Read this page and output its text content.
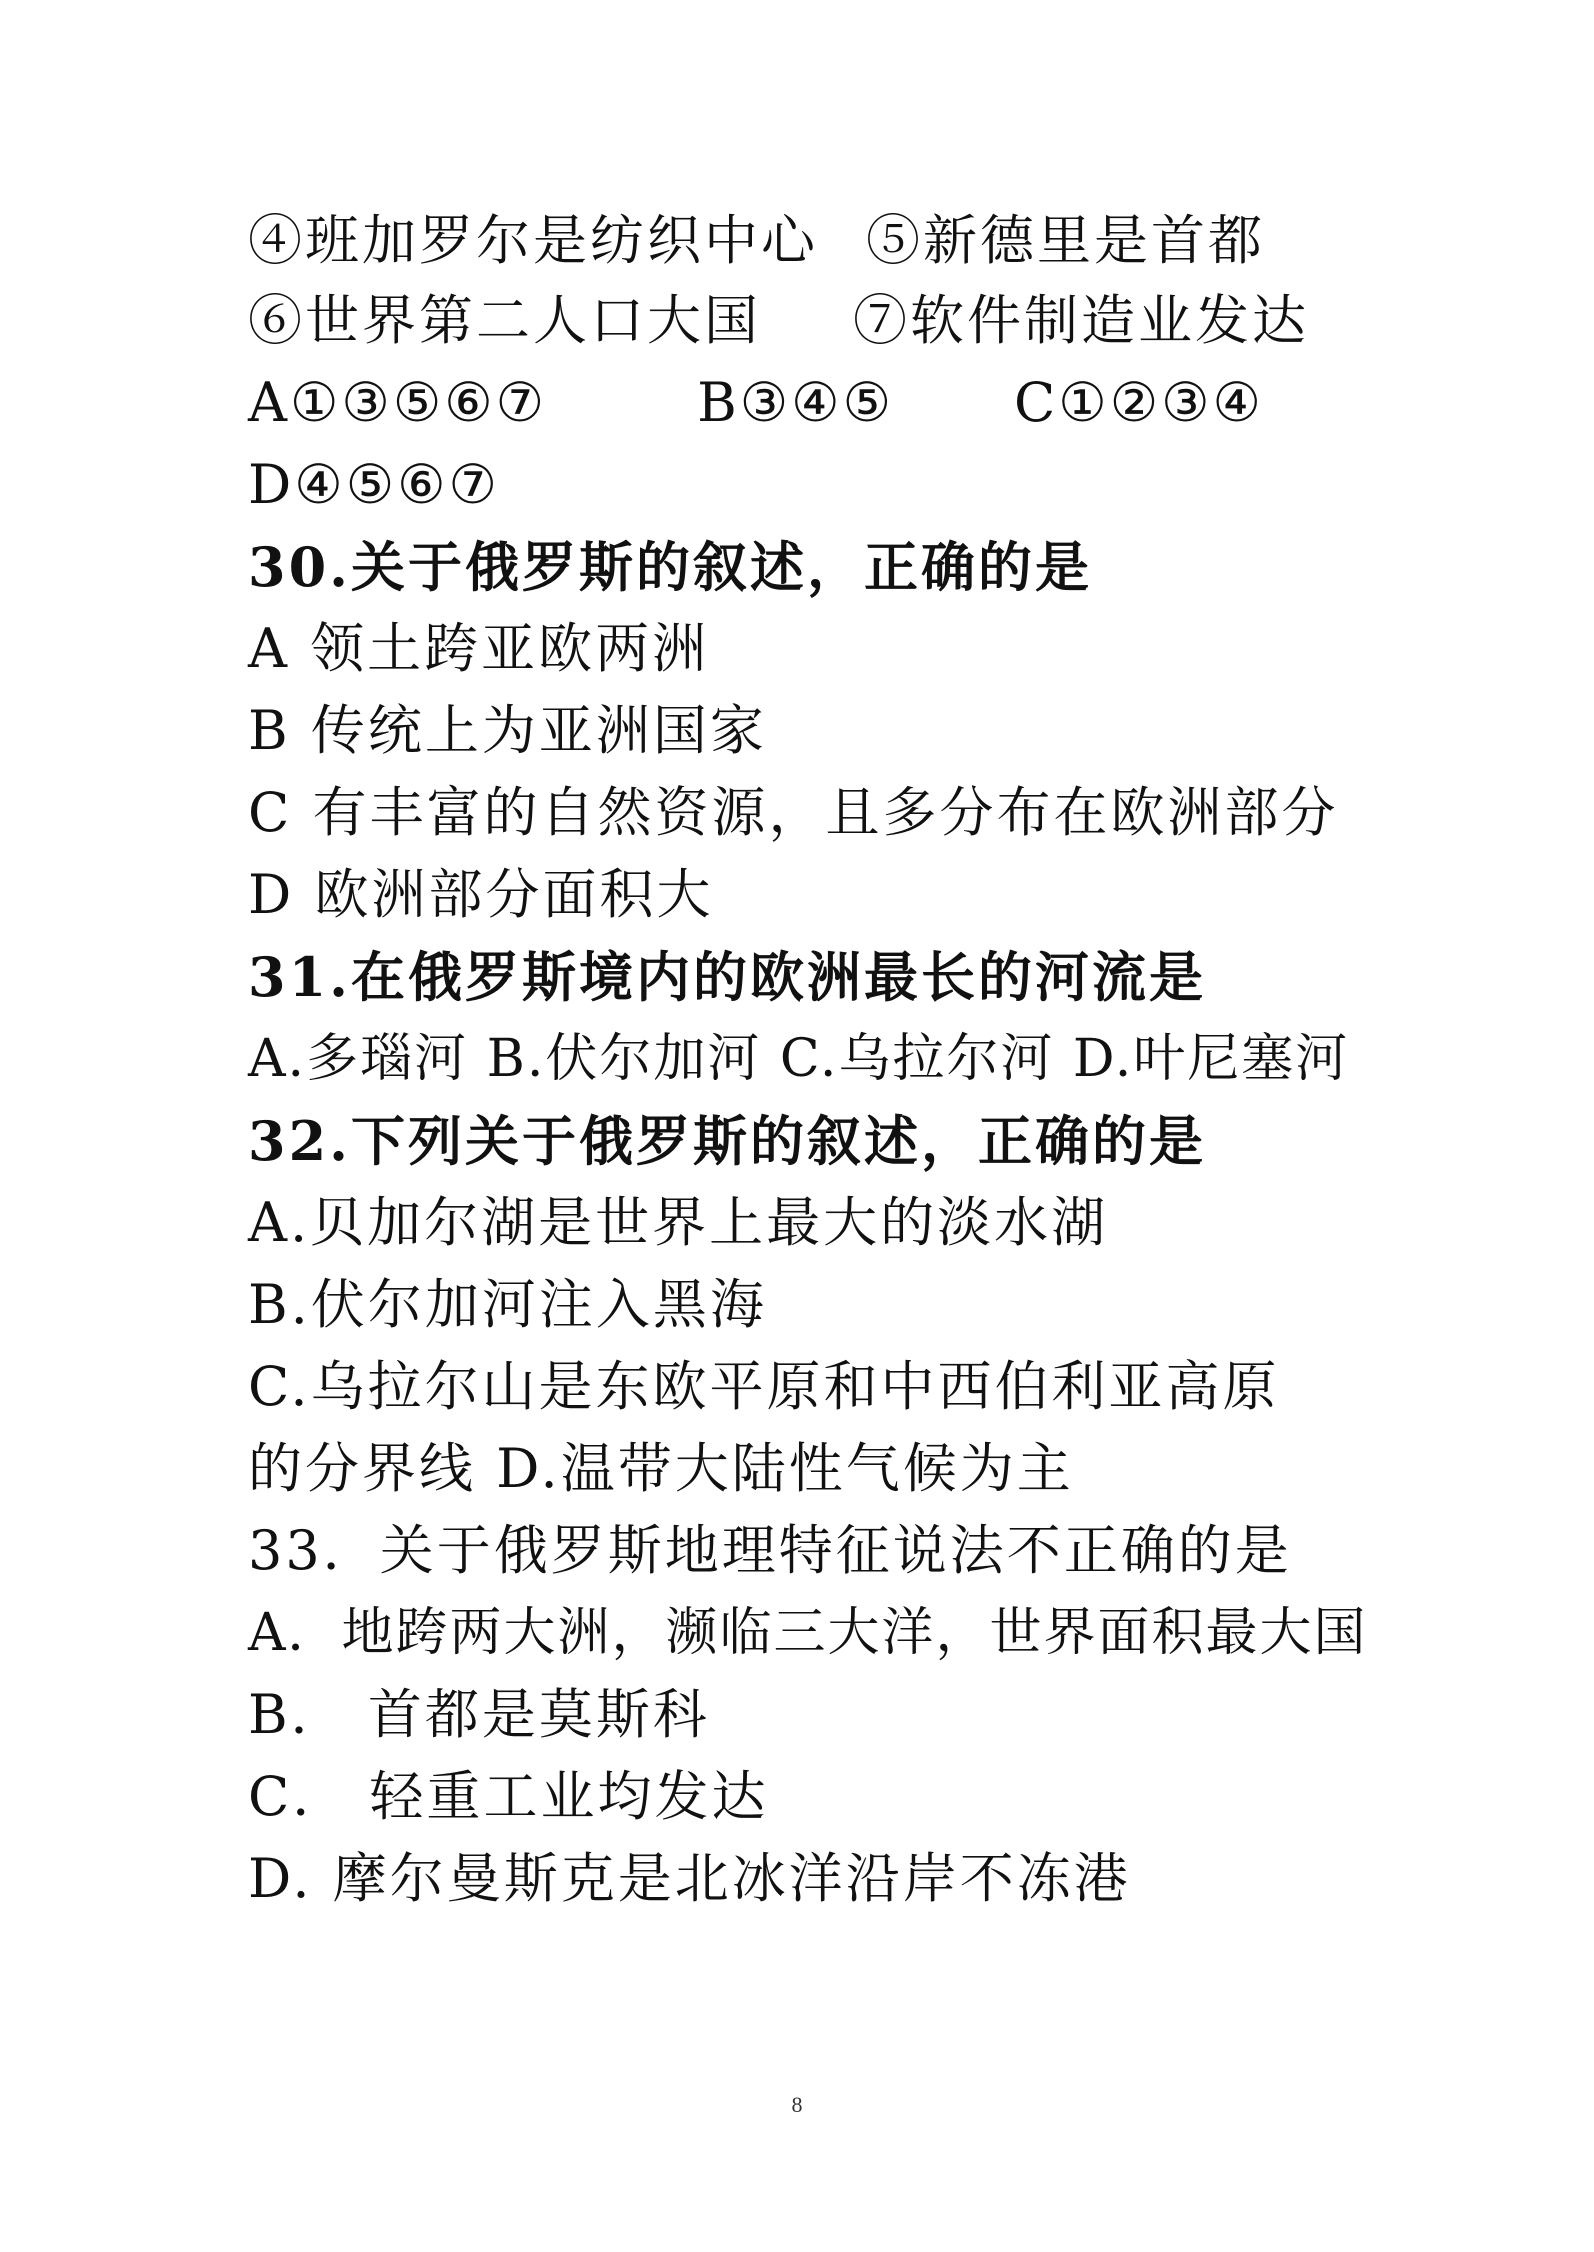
④班加罗尔是纺织中心 ⑤新德里是首都
⑥世界第二人口大国 ⑦软件制造业发达
A①③⑤⑥⑦	B③④⑤ C①②③④
D④⑤⑥⑦
30.关于俄罗斯的叙述，正确的是
A 领土跨亚欧两洲
B 传统上为亚洲国家
C 有丰富的自然资源，且多分布在欧洲部分
D 欧洲部分面积大
31.在俄罗斯境内的欧洲最长的河流是
A.多瑙河 B.伏尔加河 C.乌拉尔河 D.叶尼塞河
32.下列关于俄罗斯的叙述，正确的是
A.贝加尔湖是世界上最大的淡水湖
B.伏尔加河注入黑海
C.乌拉尔山是东欧平原和中西伯利亚高原
的分界线 D.温带大陆性气候为主
33．关于俄罗斯地理特征说法不正确的是
A．地跨两大洲，濒临三大洋，世界面积最大国
B． 首都是莫斯科
C． 轻重工业均发达
D. 摩尔曼斯克是北冰洋沿岸不冻港
8
